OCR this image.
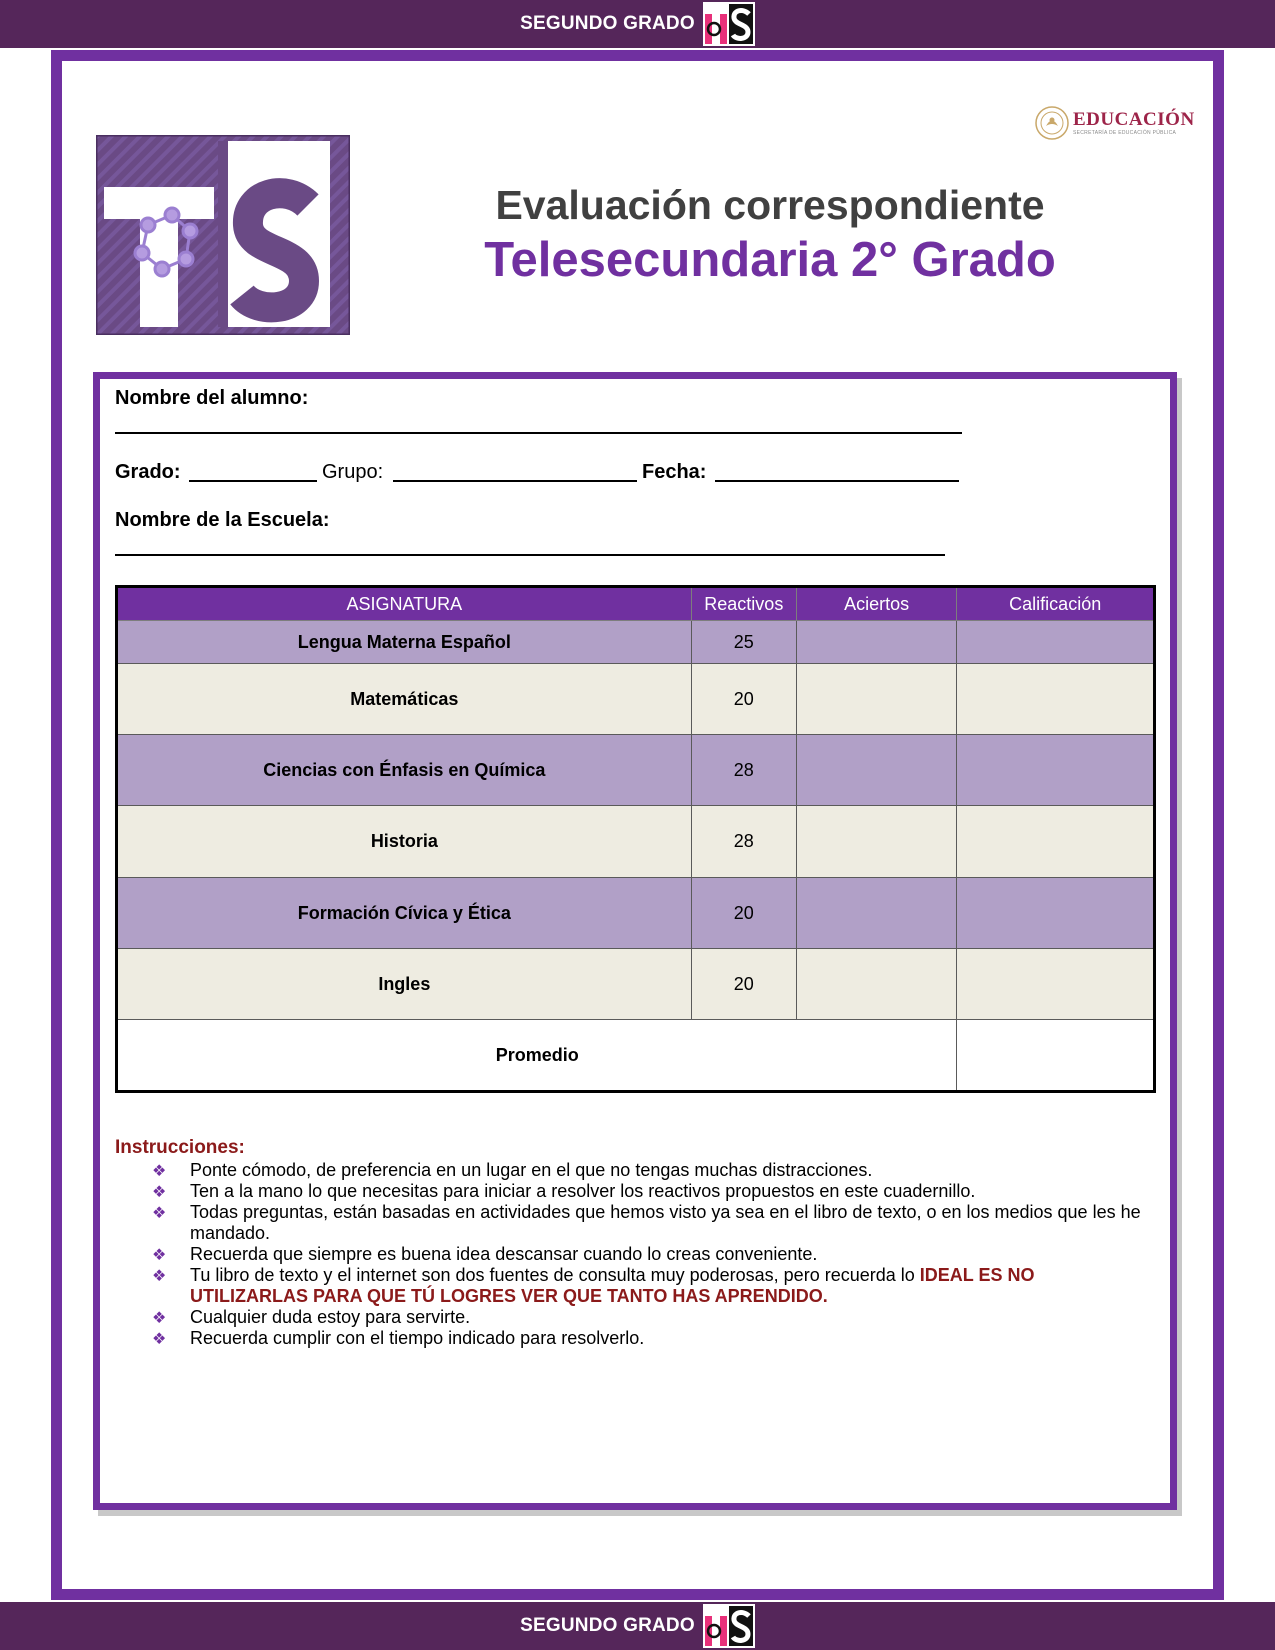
SEGUNDO GRADO
EDUCACIÓN
SECRETARÍA DE EDUCACIÓN PÚBLICA
Evaluación correspondiente
Telesecundaria 2° Grado
Nombre del alumno:
Grado:	Grupo:	Fecha:
Nombre de la Escuela:
ASIGNATURA	Reactivos	Aciertos	Calificación
Lengua Materna Español	25		
Matemáticas	20		
Ciencias con Énfasis en Química	28		
Historia	28		
Formación Cívica y Ética	20		
Ingles	20		
Promedio			
Instrucciones:
❖ Ponte cómodo, de preferencia en un lugar en el que no tengas muchas distracciones.
❖ Ten a la mano lo que necesitas para iniciar a resolver los reactivos propuestos en este cuadernillo.
❖ Todas preguntas, están basadas en actividades que hemos visto ya sea en el libro de texto, o en los medios que les he mandado.
❖ Recuerda que siempre es buena idea descansar cuando lo creas conveniente.
❖ Tu libro de texto y el internet son dos fuentes de consulta muy poderosas, pero recuerda lo IDEAL ES NO UTILIZARLAS PARA QUE TÚ LOGRES VER QUE TANTO HAS APRENDIDO.
❖ Cualquier duda estoy para servirte.
❖ Recuerda cumplir con el tiempo indicado para resolverlo.
SEGUNDO GRADO
